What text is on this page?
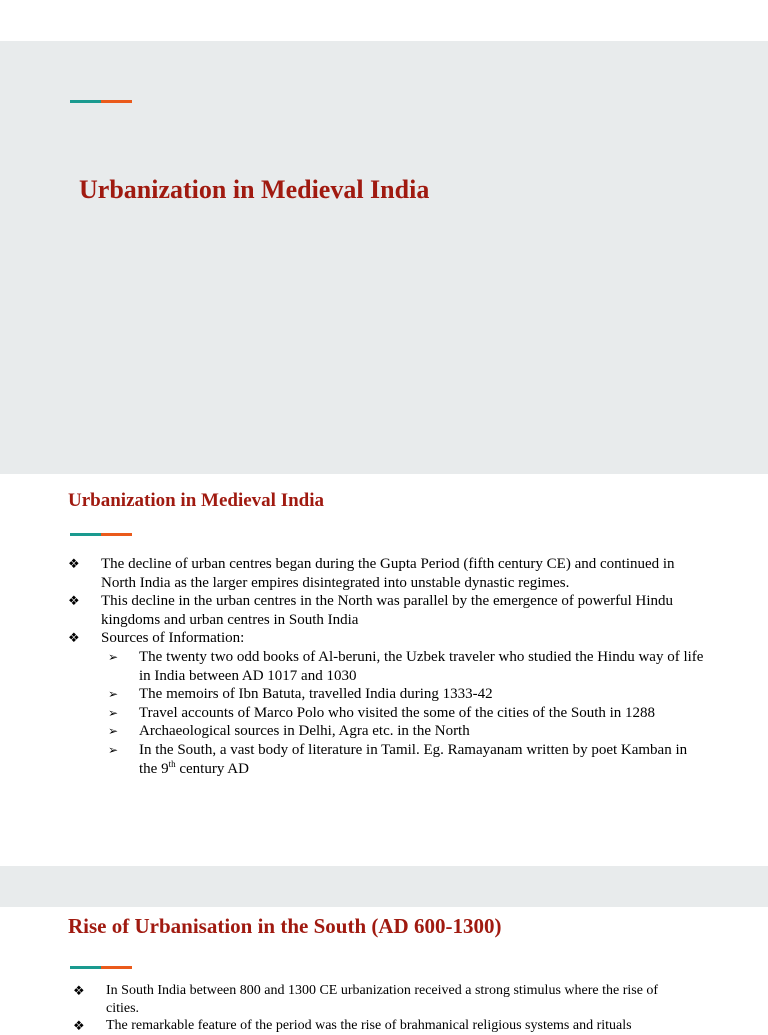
Urbanization in Medieval India
Urbanization in Medieval India
❖ The decline of urban centres began during the Gupta Period (fifth century CE) and continued in North India as the larger empires disintegrated into unstable dynastic regimes.
❖ This decline in the urban centres in the North was parallel by the emergence of powerful Hindu kingdoms and urban centres in South India
❖ Sources of Information:
➢ The twenty two odd books of Al-beruni, the Uzbek traveler who studied the Hindu way of life in India between AD 1017 and 1030
➢ The memoirs of Ibn Batuta, travelled India during 1333-42
➢ Travel accounts of Marco Polo who visited the some of the cities of the South in 1288
➢ Archaeological sources in Delhi, Agra etc. in the North
➢ In the South, a vast body of literature in Tamil. Eg. Ramayanam written by poet Kamban in the 9th century AD
Rise of Urbanisation in the South (AD 600-1300)
❖ In South India between 800 and 1300 CE urbanization received a strong stimulus where the rise of cities.
❖ The remarkable feature of the period was the rise of brahmanical religious systems and rituals
